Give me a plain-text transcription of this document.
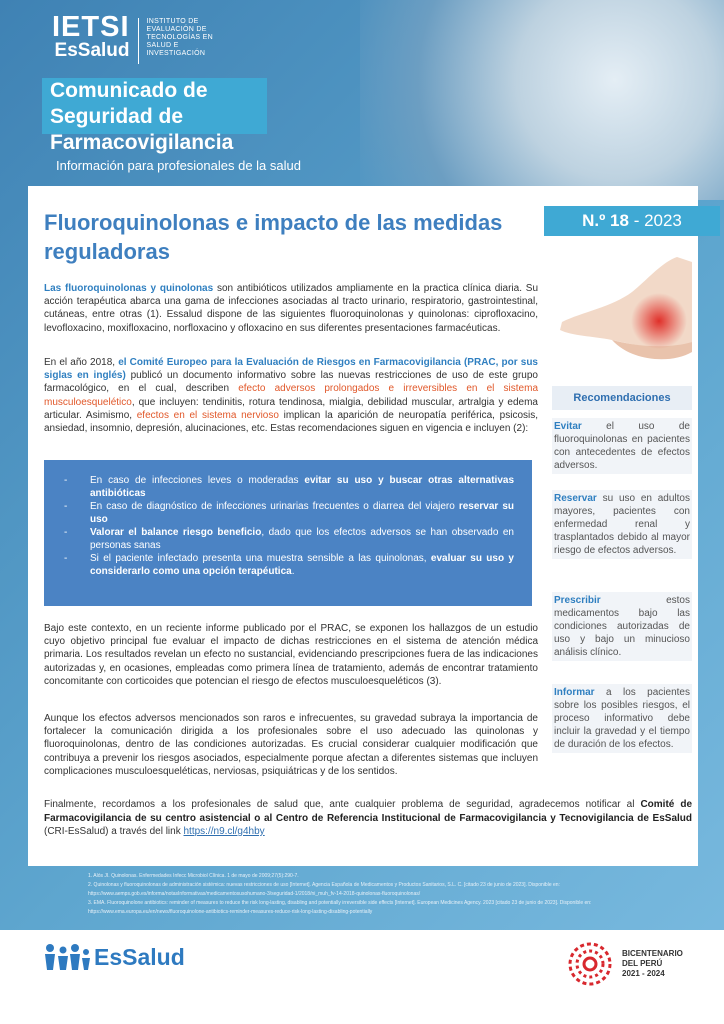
IETSI
EsSalud
INSTITUTO DE
EVALUACIÓN DE
TECNOLOGÍAS EN
SALUD E
INVESTIGACIÓN
Comunicado de Seguridad de Farmacovigilancia
Información para profesionales de la salud
Fluoroquinolonas e impacto de las medidas reguladoras
N.º 18 - 2023
Las fluoroquinolonas y quinolonas son antibióticos utilizados ampliamente en la practica clínica diaria. Su acción terapéutica abarca una gama de infecciones asociadas al tracto urinario, respiratorio, gastrointestinal, cutáneas, entre otras (1). Essalud dispone de las siguientes fluoroquinolonas y quinolonas: ciprofloxacino, levofloxacino, moxifloxacino, norfloxacino y ofloxacino en sus diferentes presentaciones farmacéuticas.
En el año 2018, el Comité Europeo para la Evaluación de Riesgos en Farmacovigilancia (PRAC, por sus siglas en inglés) publicó un documento informativo sobre las nuevas restricciones de uso de este grupo farmacológico, en el cual, describen efecto adversos prolongados e irreversibles en el sistema musculoesquelético, que incluyen: tendinitis, rotura tendinosa, mialgia, debilidad muscular, artralgia y edema articular. Asimismo, efectos en el sistema nervioso implican la aparición de neuropatía periférica, psicosis, ansiedad, insomnio, depresión, alucinaciones, etc. Estas recomendaciones siguen en vigencia e incluyen (2):
- En caso de infecciones leves o moderadas evitar su uso y buscar otras alternativas antibióticas
- En caso de diagnóstico de infecciones urinarias frecuentes o diarrea del viajero reservar su uso
- Valorar el balance riesgo beneficio, dado que los efectos adversos se han observado en personas sanas
- Si el paciente infectado presenta una muestra sensible a las quinolonas, evaluar su uso y considerarlo como una opción terapéutica.
Bajo este contexto, en un reciente informe publicado por el PRAC, se exponen los hallazgos de un estudio cuyo objetivo principal fue evaluar el impacto de dichas restricciones en el sistema de atención médica primaria. Los resultados revelan un efecto no sustancial, evidenciando prescripciones fuera de las indicaciones autorizadas y, en ocasiones, empleadas como primera línea de tratamiento, además de encontrar tratamiento concomitante con corticoides que potencian el riesgo de efectos musculoesqueléticos (3).
Aunque los efectos adversos mencionados son raros e infrecuentes, su gravedad subraya la importancia de fortalecer la comunicación dirigida a los profesionales sobre el uso adecuado las quinolonas y fluoroquinolonas, dentro de las condiciones autorizadas. Es crucial considerar cualquier modificación que contribuya a prevenir los riesgos asociados, especialmente porque afectan a diferentes sistemas que incluyen complicaciones musculoesqueléticas, nerviosas, psiquiátricas y de los sentidos.
Recomendaciones
Evitar el uso de fluoroquinolonas en pacientes con antecedentes de efectos adversos.
Reservar su uso en adultos mayores, pacientes con enfermedad renal y trasplantados debido al mayor riesgo de efectos adversos.
Prescribir estos medicamentos bajo las condiciones autorizadas de uso y bajo un minucioso análisis clínico.
Informar a los pacientes sobre los posibles riesgos, el proceso informativo debe incluir la gravedad y el tiempo de duración de los efectos.
Finalmente, recordamos a los profesionales de salud que, ante cualquier problema de seguridad, agradecemos notificar al Comité de Farmacovigilancia de su centro asistencial o al Centro de Referencia Institucional de Farmacovigilancia y Tecnovigilancia de EsSalud (CRI-EsSalud) a través del link https://n9.cl/g4hby
1. Alós JI. Quinolonas. Enfermedades Infecc Microbiol Clínica. 1 de mayo de 2009;27(5):290-7.
2. Quinolonas y fluoroquinolonas de administración sistémica: nuevas restricciones de uso [Internet]. Agencia Española de Medicamentos y Productos Sanitarios, S.L. C. [citado 23 de junio de 2023]. Disponible en: https://www.aemps.gob.es/informa/notasInformativas/medicamentosusohumano-3/seguridad-1/2018/ni_muh_fv-14-2018-quinolonas-fluoroquinolonas/
3. EMA. Fluoroquinolone antibiotics: reminder of measures to reduce the risk long-lasting, disabling and potentially irreversible side effects [Internet]. European Medicines Agency. 2023 [citado 23 de junio de 2023]. Disponible en: https://www.ema.europa.eu/en/news/fluoroquinolone-antibiotics-reminder-measures-reduce-risk-long-lasting-disabling-potentially
EsSalud	BICENTENARIO
DEL PERÚ
2021 - 2024
